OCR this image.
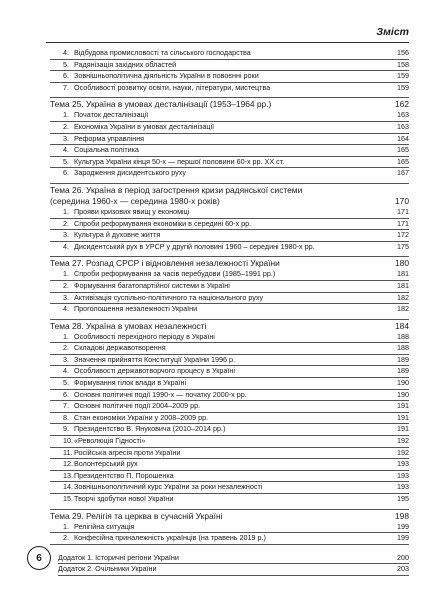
Зміст
4. Відбудова промисловості та сільського господарства	156
5. Радянізація західних областей	158
6. Зовнішньополітична діяльність України в повоєнні роки	159
7. Особливості розвитку освіти, науки, літератури, мистецтва	159
Тема 25. Україна в умовах десталінізації (1953–1964 рр.)	162
1. Початок десталінізації	163
2. Економіка України в умовах десталінізації	163
3. Реформа управління	164
4. Соціальна політика	165
5. Культура України кінця 50-х — першої половини 60-х рр. XX ст.	165
6. Зародження дисидентського руху	167
Тема 26. Україна в період загострення кризи радянської системи
(середина 1960-х — середина 1980-х років)	170
1. Прояви кризових явищ у економіці	171
2. Спроби реформування економіки в середині 60-х рр.	171
3. Культура й духовне життя	172
4. Дисидентський рух в УРСР у другій половині 1960 – середині 1980-х рр.	175
Тема 27. Розпад СРСР і відновлення незалежності України	180
1. Спроби реформування за часів перебудови (1985–1991 рр.)	181
2. Формування багатопартійної системи в Україні	181
3. Активізація суспільно-політичного та національного руху	182
4. Проголошення незалежності України	182
Тема 28. Україна в умовах незалежності	184
1. Особливості перехідного періоду в Україні	188
2. Складові державотворення	188
3. Значення прийняття Конституції України 1996 р.	189
4. Особливості державотворчого процесу в Україні	189
5. Формування гілок влади в Україні	190
6. Основні політичні події 1990-х — початку 2000-х рр.	190
7. Основні політичні події 2004–2009 рр.	191
8. Стан економіки України у 2008–2009 рр.	191
9. Президентство В. Януковича (2010–2014 рр.)	191
10. «Революція Гідності»	192
11. Російська агресія проти України	192
12. Волонтерський рух	193
13. Президентство П. Порошенка	193
14. Зовнішньополітичний курс України за роки незалежності	193
15. Творчі здобутки нової України	195
Тема 29. Релігія та церква в сучасній Україні	198
1. Релігійна ситуація	199
2. Конфесійна приналежність українців (на травень 2019 р.)	199
Додаток 1. Історичні регіони України	200
Додаток 2. Очільники України	203
6
